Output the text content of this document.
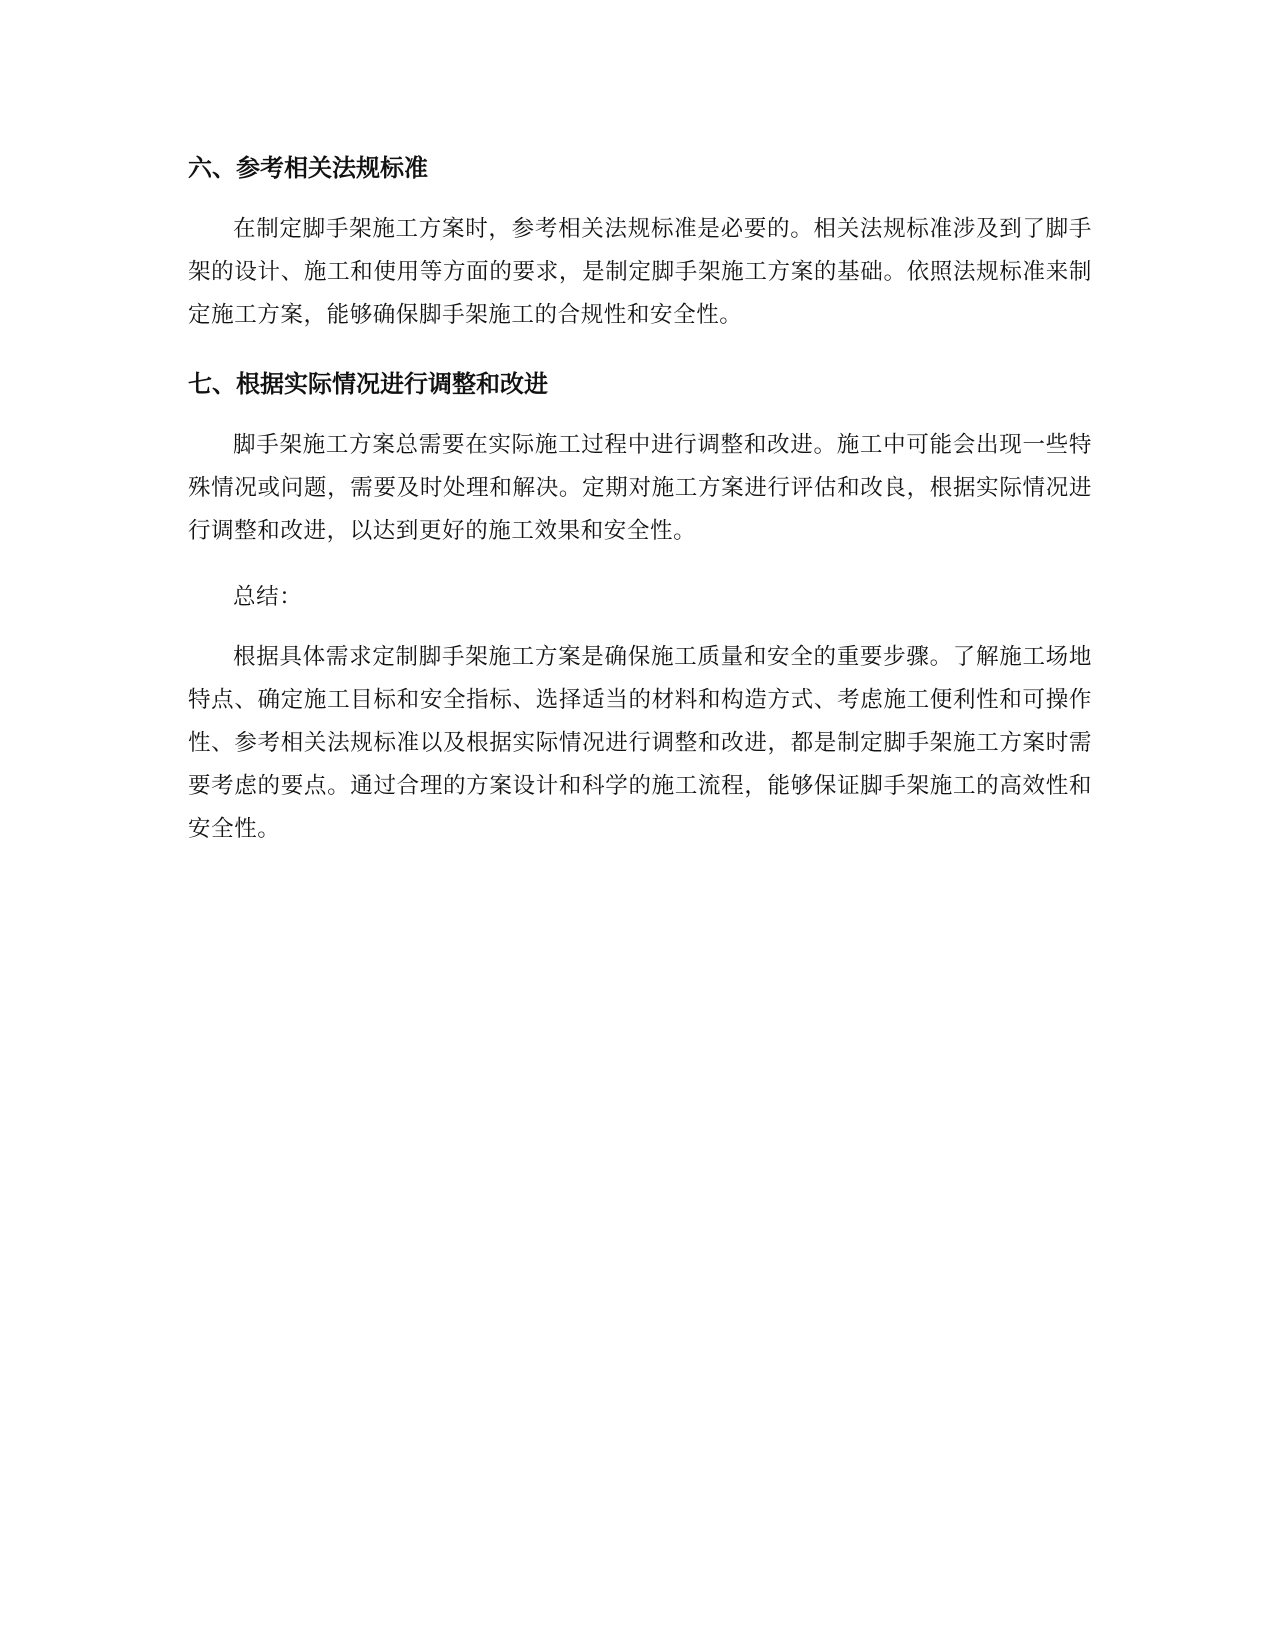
六、参考相关法规标准

在制定脚手架施工方案时，参考相关法规标准是必要的。相关法规标准涉及到了脚手架的设计、施工和使用等方面的要求，是制定脚手架施工方案的基础。依照法规标准来制定施工方案，能够确保脚手架施工的合规性和安全性。

七、根据实际情况进行调整和改进

脚手架施工方案总需要在实际施工过程中进行调整和改进。施工中可能会出现一些特殊情况或问题，需要及时处理和解决。定期对施工方案进行评估和改良，根据实际情况进行调整和改进，以达到更好的施工效果和安全性。

总结：

根据具体需求定制脚手架施工方案是确保施工质量和安全的重要步骤。了解施工场地特点、确定施工目标和安全指标、选择适当的材料和构造方式、考虑施工便利性和可操作性、参考相关法规标准以及根据实际情况进行调整和改进，都是制定脚手架施工方案时需要考虑的要点。通过合理的方案设计和科学的施工流程，能够保证脚手架施工的高效性和安全性。
